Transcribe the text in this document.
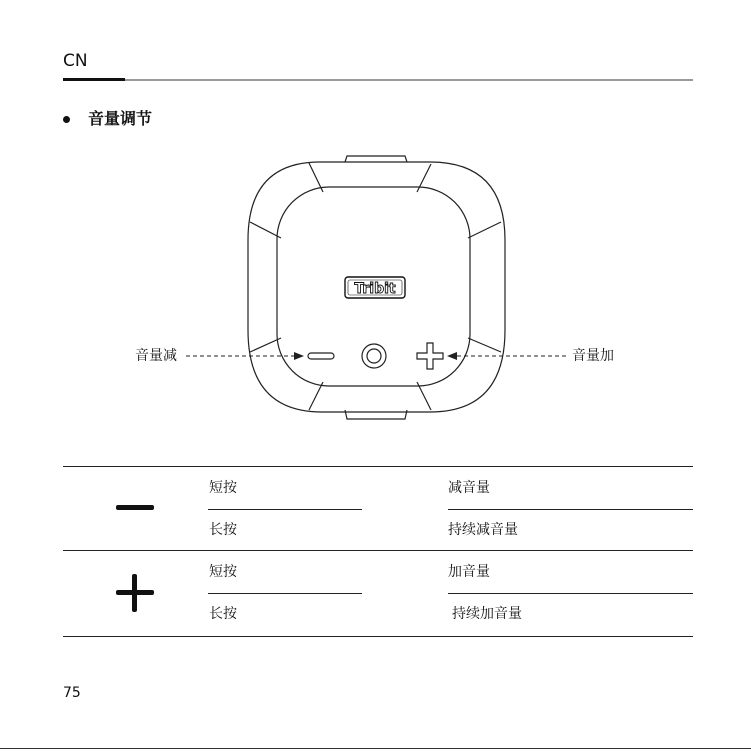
CN
音量调节
Tribit
音量减	音量加
短按	减音量
长按	持续减音量
短按	加音量
长按	持续加音量
75
